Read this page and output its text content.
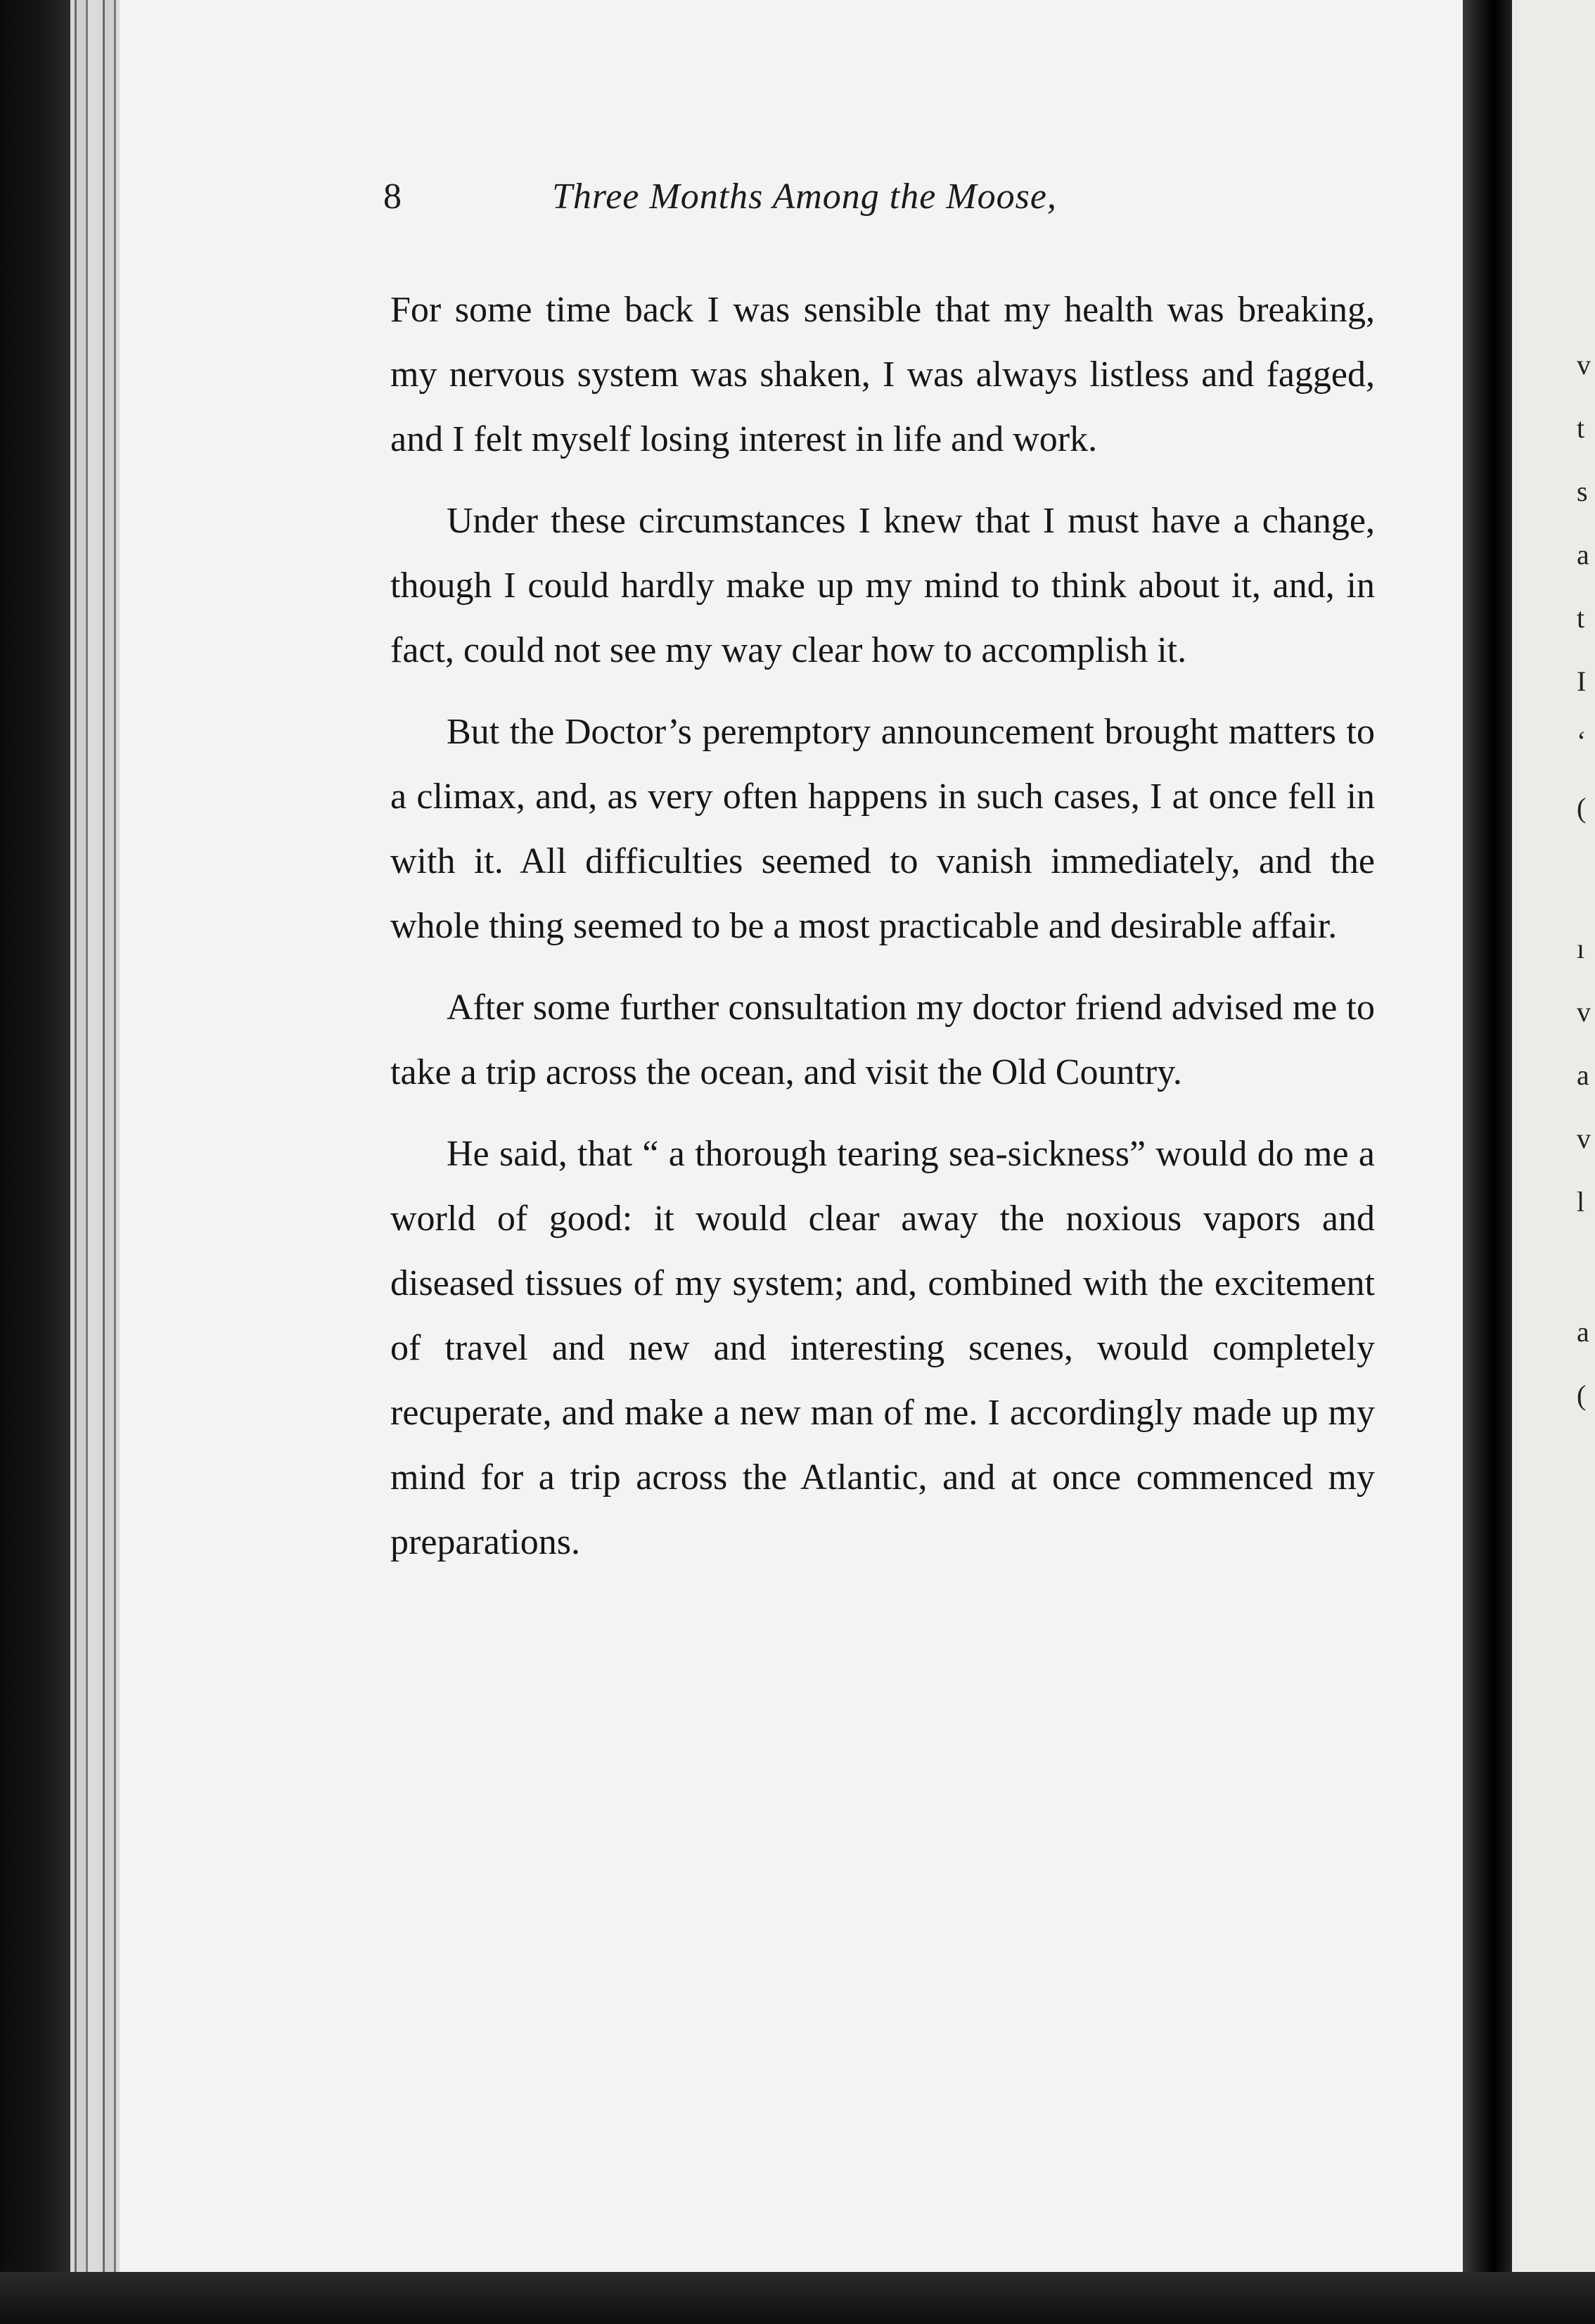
8	Three Months Among the Moose,

For some time back I was sensible that my health was breaking, my nervous system was shaken, I was always listless and fagged, and I felt myself losing interest in life and work.

Under these circumstances I knew that I must have a change, though I could hardly make up my mind to think about it, and, in fact, could not see my way clear how to accomplish it.

But the Doctor’s peremptory announcement brought matters to a climax, and, as very often happens in such cases, I at once fell in with it. All difficulties seemed to vanish immediately, and the whole thing seemed to be a most practicable and desirable affair.

After some further consultation my doctor friend advised me to take a trip across the ocean, and visit the Old Country.

He said, that “ a thorough tearing sea-sickness” would do me a world of good: it would clear away the noxious vapors and diseased tissues of my system; and, combined with the excitement of travel and new and interesting scenes, would completely recuperate, and make a new man of me. I accordingly made up my mind for a trip across the Atlantic, and at once commenced my preparations.

v
t
s
a
t
I
‘
(
ı
v
a
v
l
a
(
